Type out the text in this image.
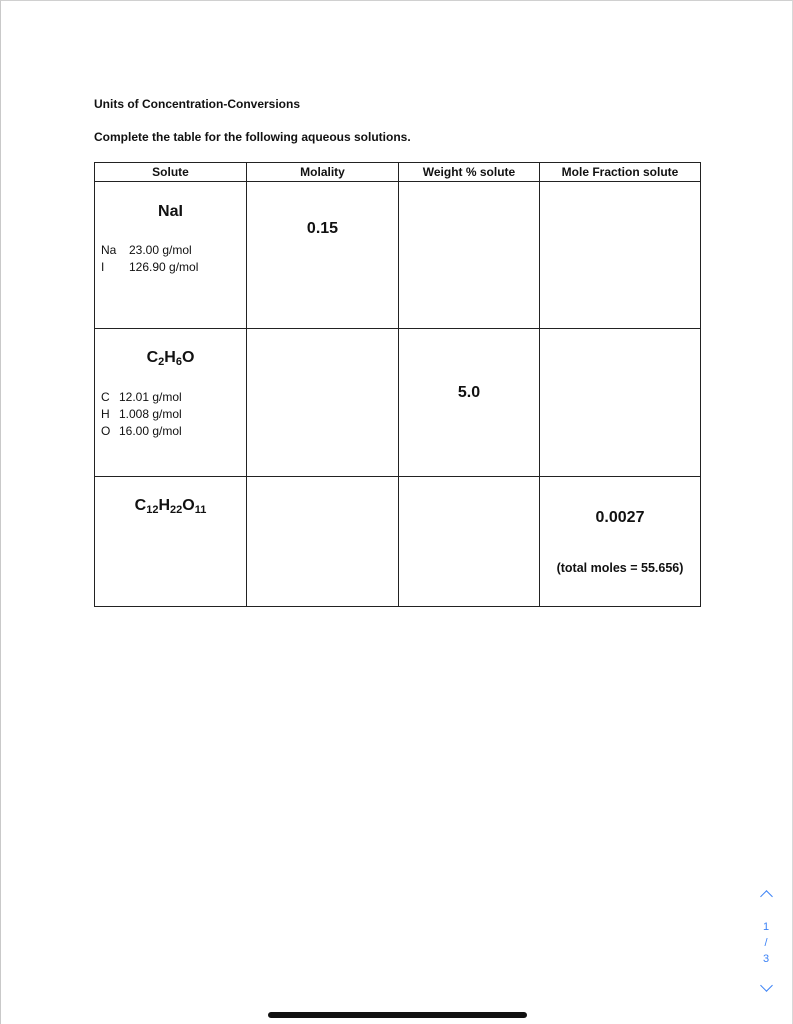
Units of Concentration-Conversions
Complete the table for the following aqueous solutions.
Solute	Molality	Weight % solute	Mole Fraction solute

NaI
Na 23.00 g/mol
I 126.90 g/mol	0.15		

$C_2H_6O$
C 12.01 g/mol
H 1.008 g/mol
O 16.00 g/mol		5.0	

$C_{12}H_{22}O_{11}$			0.0027
(total moles = 55.656)
1
/
3
